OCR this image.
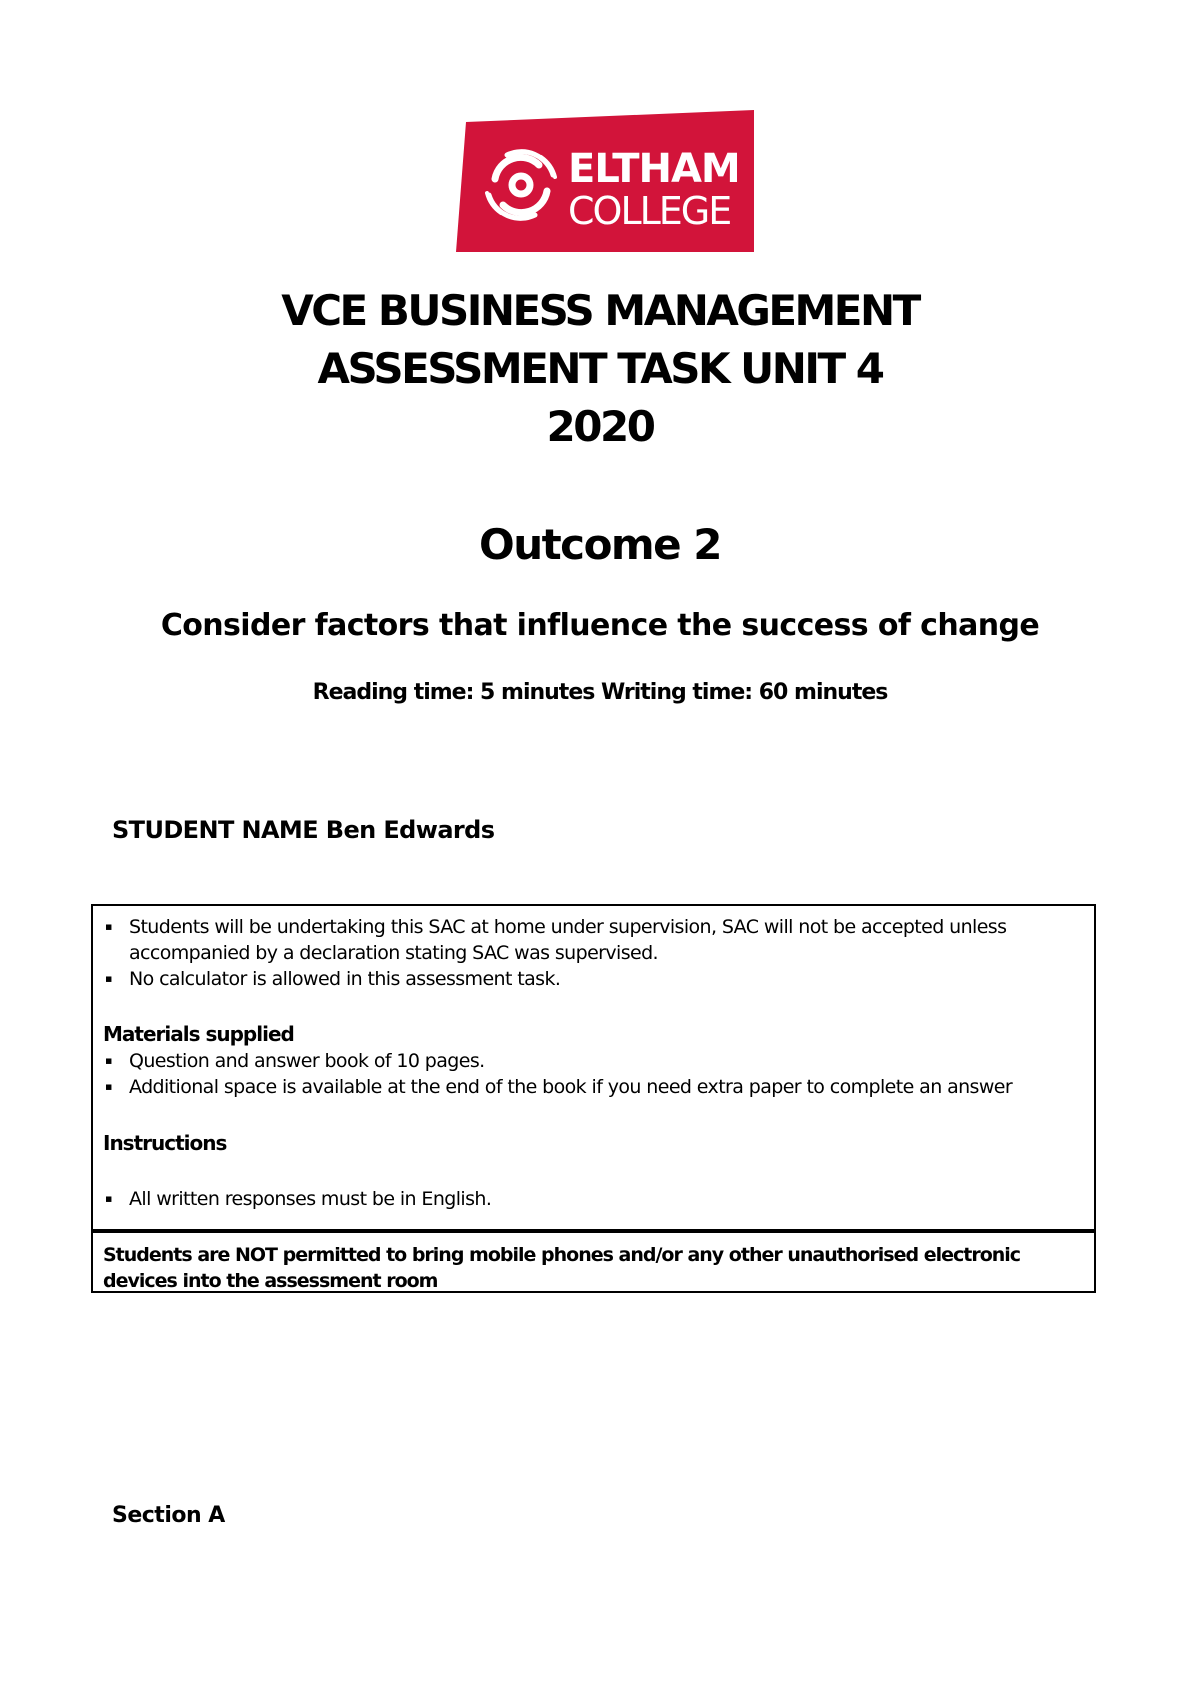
ELTHAM
COLLEGE
VCE BUSINESS MANAGEMENT
ASSESSMENT TASK UNIT 4
2020
Outcome 2
Consider factors that influence the success of change
Reading time: 5 minutes Writing time: 60 minutes
STUDENT NAME Ben Edwards
▪ Students will be undertaking this SAC at home under supervision, SAC will not be accepted unless accompanied by a declaration stating SAC was supervised.
▪ No calculator is allowed in this assessment task.
Materials supplied
▪ Question and answer book of 10 pages.
▪ Additional space is available at the end of the book if you need extra paper to complete an answer
Instructions
▪ All written responses must be in English.
Students are NOT permitted to bring mobile phones and/or any other unauthorised electronic devices into the assessment room
Section A
